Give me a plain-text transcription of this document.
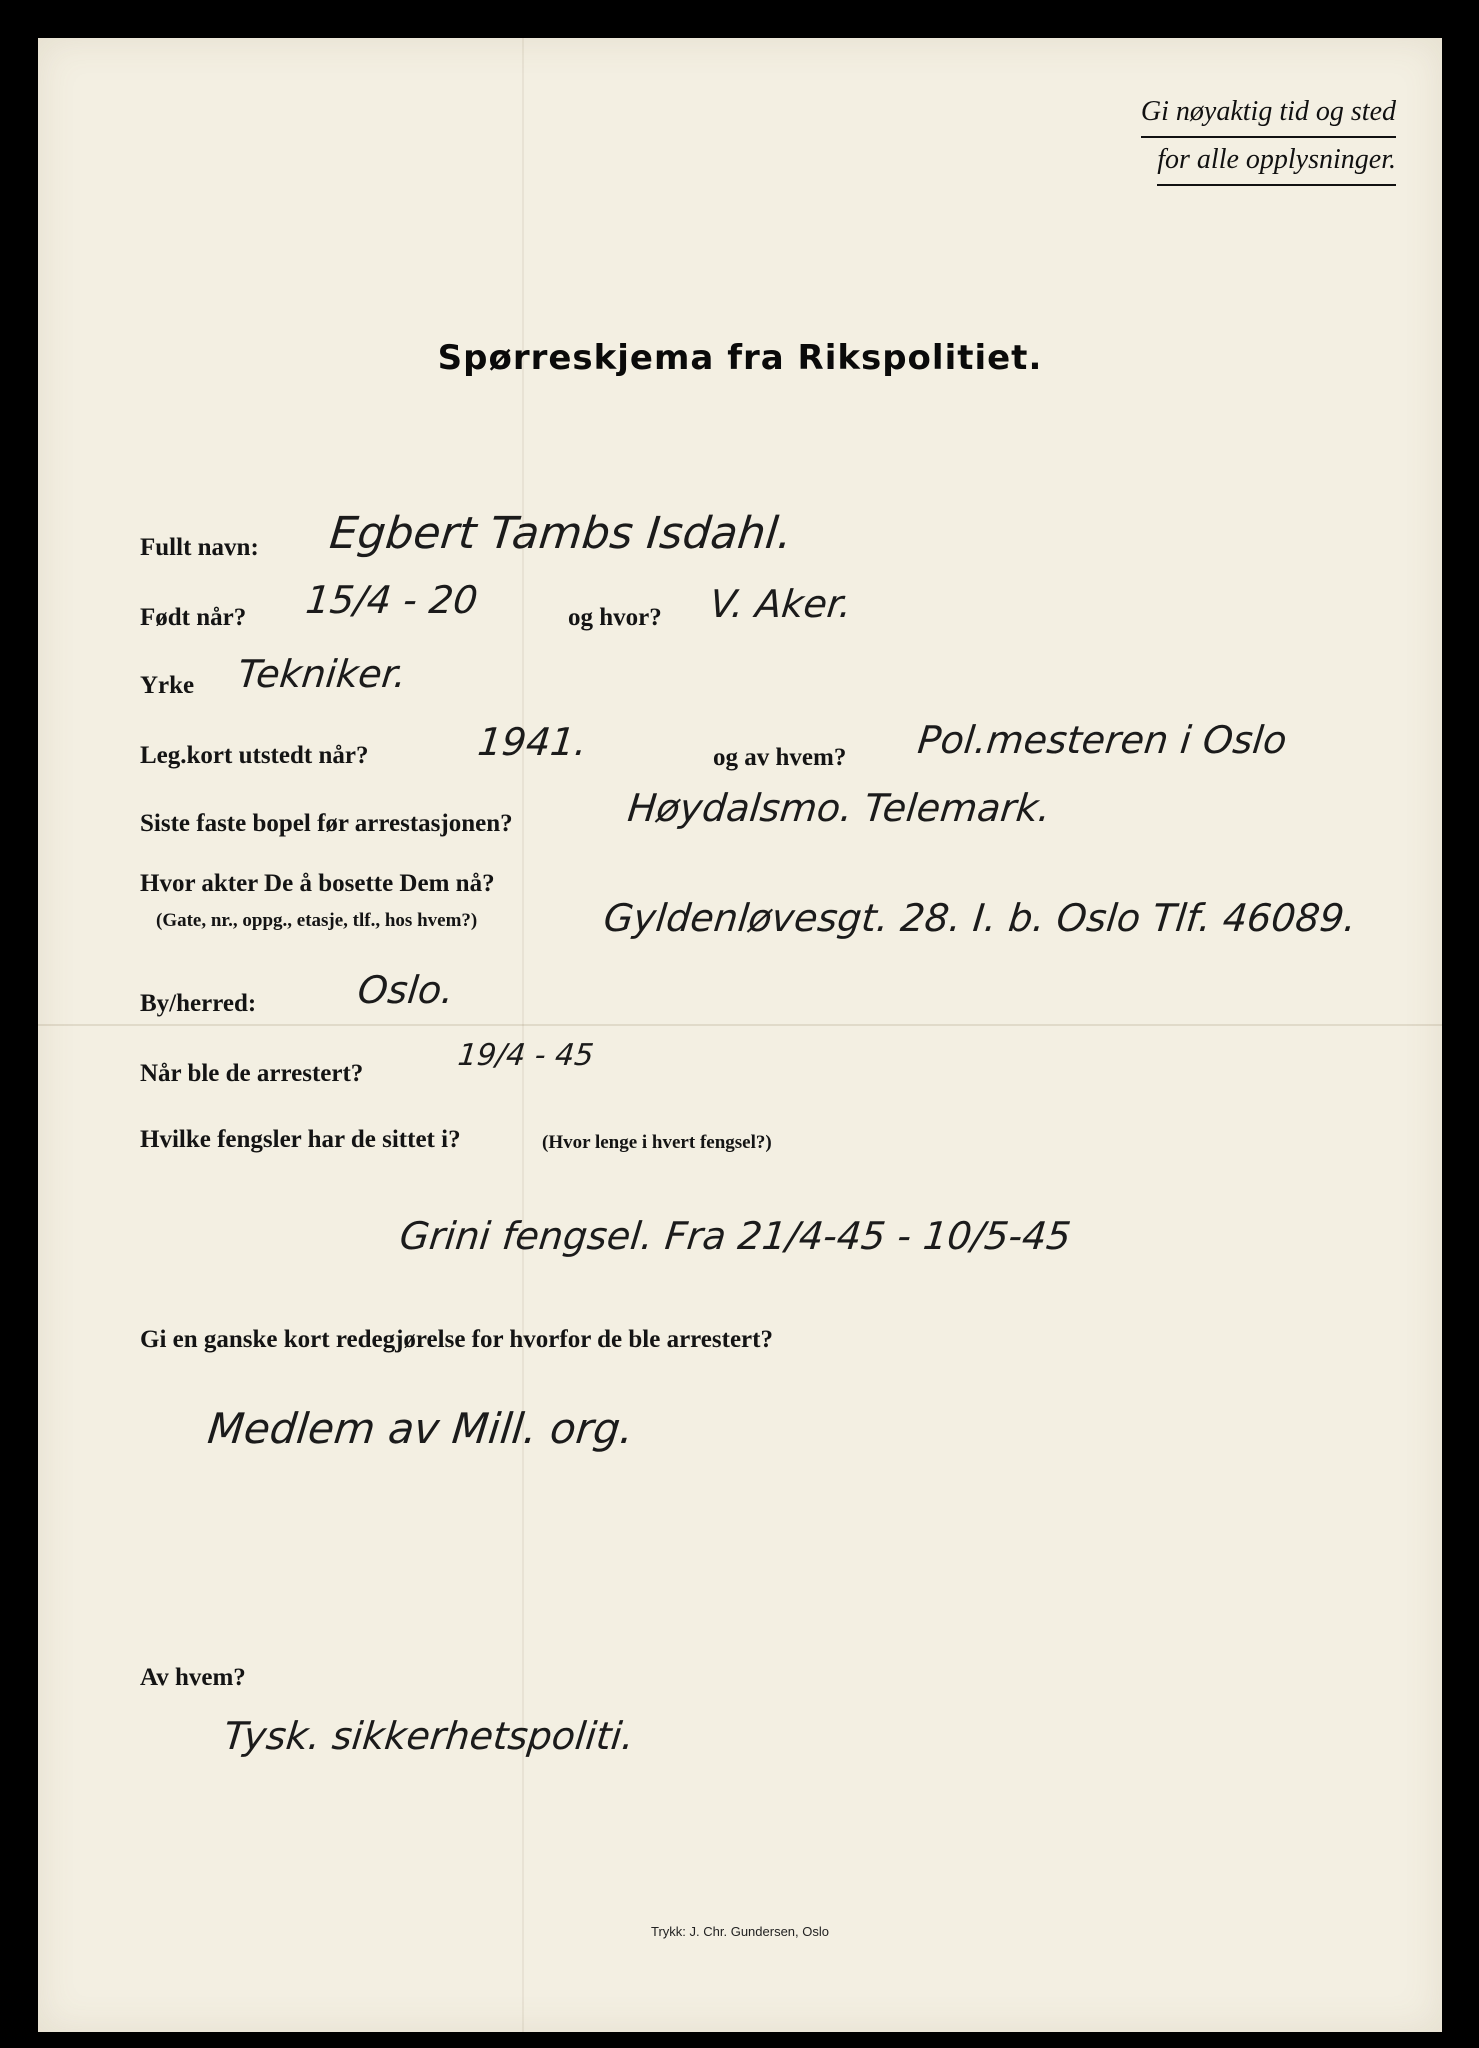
Gi nøyaktig tid og sted
for alle opplysninger.
Spørreskjema fra Rikspolitiet.
Fullt navn: Egbert Tambs Isdahl.
Født når? 15/4 - 20	og hvor? V. Aker.
Yrke Tekniker.
Leg.kort utstedt når?	1941.	og av hvem? Pol.mesteren i Oslo
Siste faste bopel før arrestasjonen?	Høydalsmo. Telemark.
Hvor akter De å bosette Dem nå?
(Gate, nr., oppg., etasje, tlf., hos hvem?)	Gyldenløvesgt. 28. I. b. Oslo Tlf. 46089.
By/herred:	Oslo.
Når ble de arrestert?
19/4 - 45
Hvilke fengsler har de sittet i?	(Hvor lenge i hvert fengsel?)
Grini fengsel. Fra 21/4-45 - 10/5-45
Gi en ganske kort redegjørelse for hvorfor de ble arrestert?
Medlem av Mill. org.
Av hvem?
Tysk. sikkerhetspoliti.
Trykk: J. Chr. Gundersen, Oslo
